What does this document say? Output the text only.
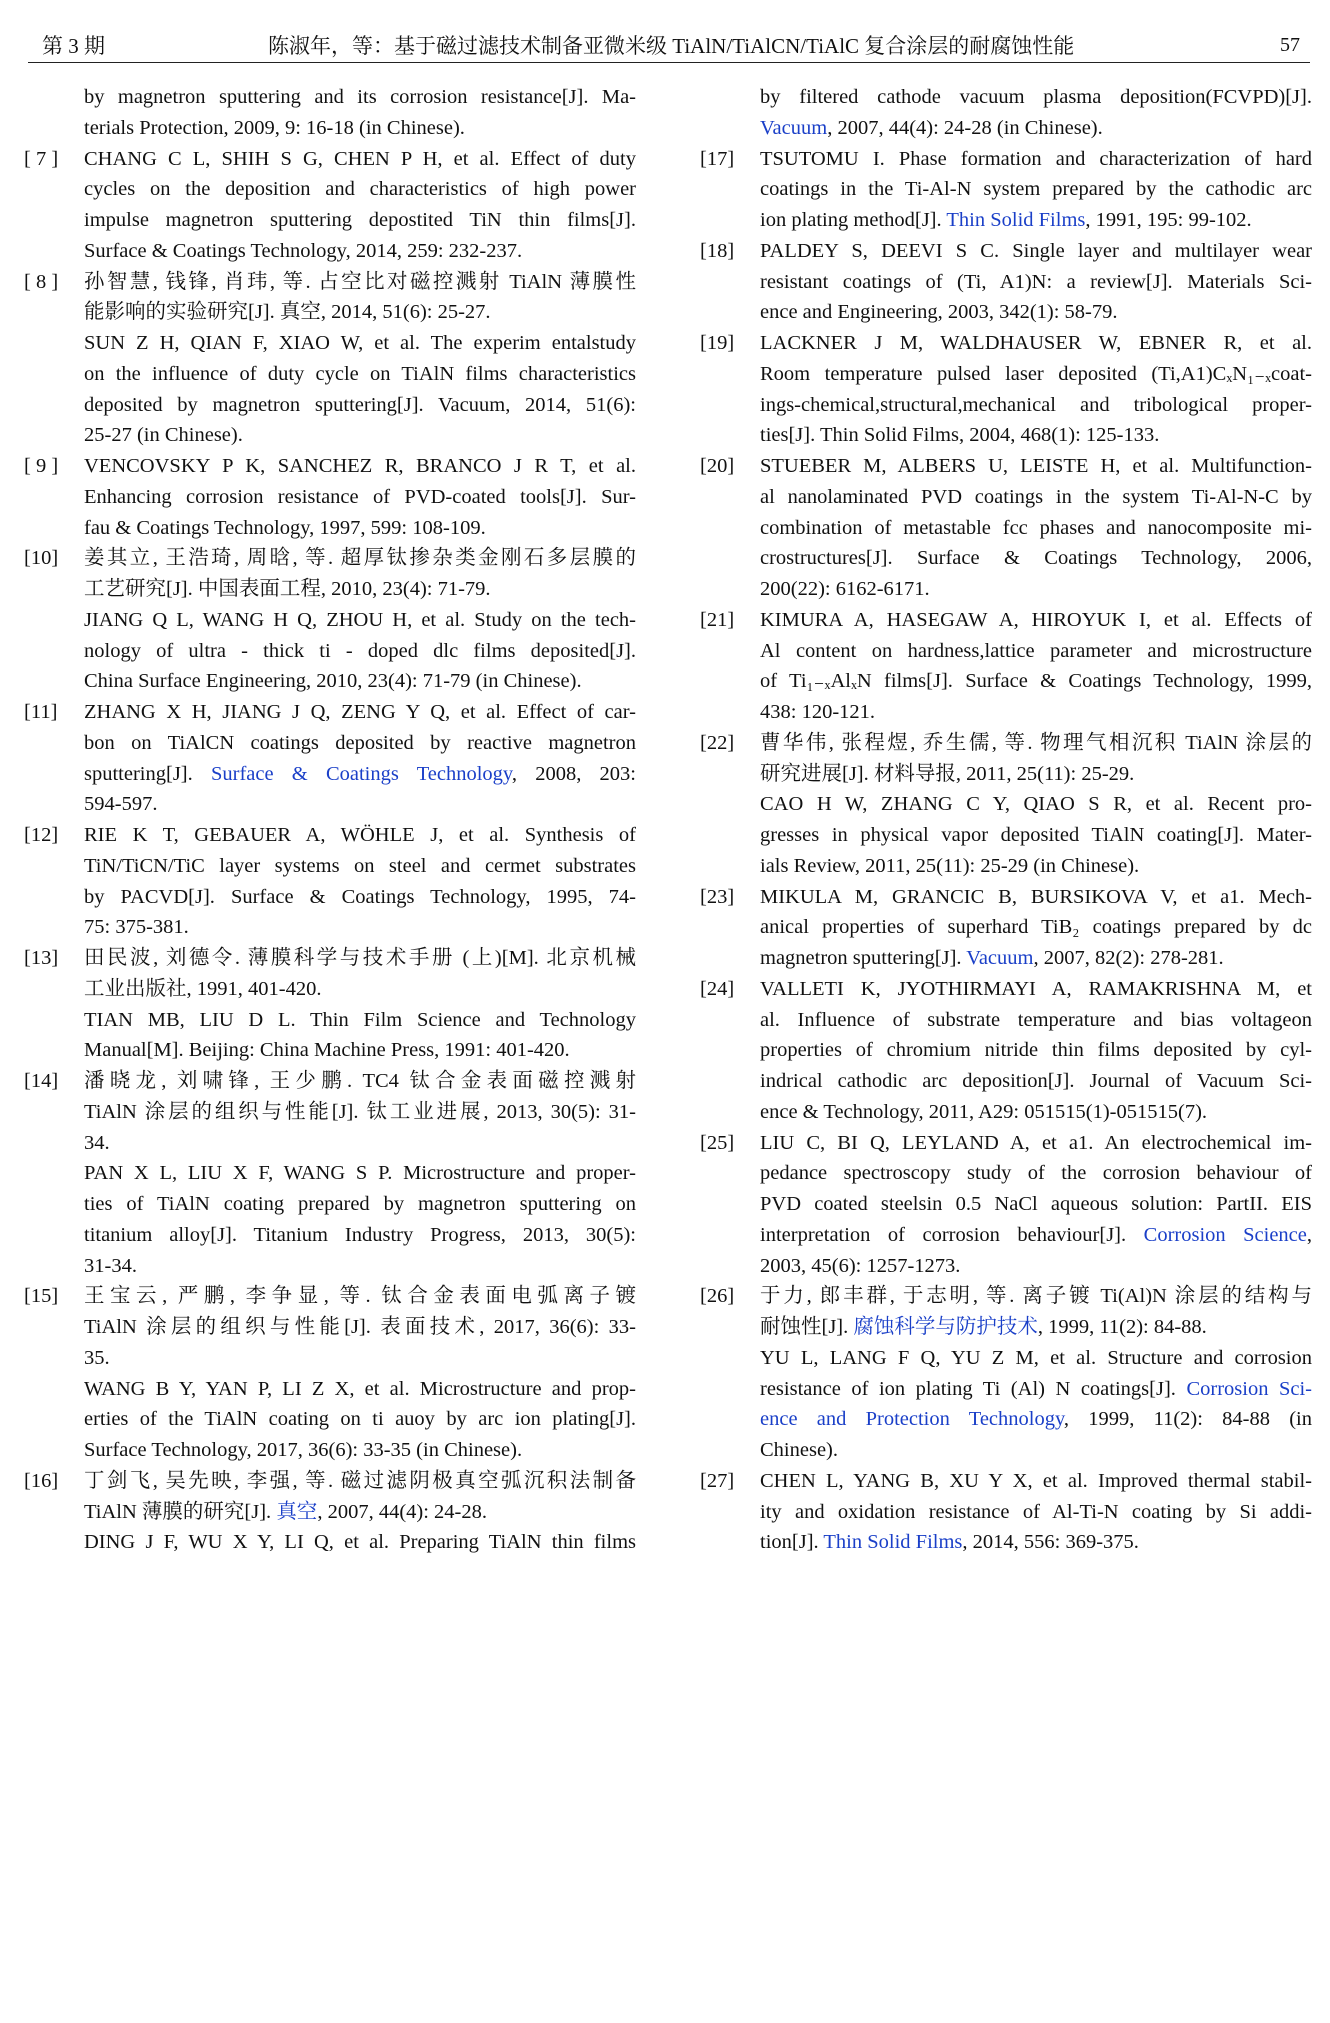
第 3 期	陈淑年，等：基于磁过滤技术制备亚微米级 TiAlN/TiAlCN/TiAlC 复合涂层的耐腐蚀性能	57
by magnetron sputtering and its corrosion resistance[J]. Ma-
terials Protection, 2009, 9: 16-18 (in Chinese).
[ 7 ] CHANG C L, SHIH S G, CHEN P H, et al. Effect of duty
cycles on the deposition and characteristics of high power
impulse magnetron sputtering depostited TiN thin films[J].
Surface & Coatings Technology, 2014, 259: 232-237.
[ 8 ] 孙智慧, 钱锋, 肖玮, 等. 占空比对磁控溅射 TiAlN 薄膜性
能影响的实验研究[J]. 真空, 2014, 51(6): 25-27.
SUN Z H, QIAN F, XIAO W, et al. The experim entalstudy
on the influence of duty cycle on TiAlN films characteristics
deposited by magnetron sputtering[J]. Vacuum, 2014, 51(6):
25-27 (in Chinese).
[ 9 ] VENCOVSKY P K, SANCHEZ R, BRANCO J R T, et al.
Enhancing corrosion resistance of PVD-coated tools[J]. Sur-
fau & Coatings Technology, 1997, 599: 108-109.
[10] 姜其立, 王浩琦, 周晗, 等. 超厚钛掺杂类金刚石多层膜的
工艺研究[J]. 中国表面工程, 2010, 23(4): 71-79.
JIANG Q L, WANG H Q, ZHOU H, et al. Study on the tech-
nology of ultra - thick ti - doped dlc films deposited[J].
China Surface Engineering, 2010, 23(4): 71-79 (in Chinese).
[11] ZHANG X H, JIANG J Q, ZENG Y Q, et al. Effect of car-
bon on TiAlCN coatings deposited by reactive magnetron
sputtering[J]. Surface & Coatings Technology, 2008, 203:
594-597.
[12] RIE K T, GEBAUER A, WÖHLE J, et al. Synthesis of
TiN/TiCN/TiC layer systems on steel and cermet substrates
by PACVD[J]. Surface & Coatings Technology, 1995, 74-
75: 375-381.
[13] 田民波, 刘德令. 薄膜科学与技术手册 (上)[M]. 北京机械
工业出版社, 1991, 401-420.
TIAN MB, LIU D L. Thin Film Science and Technology
Manual[M]. Beijing: China Machine Press, 1991: 401-420.
[14] 潘晓龙, 刘啸锋, 王少鹏. TC4 钛合金表面磁控溅射
TiAlN 涂层的组织与性能[J]. 钛工业进展, 2013, 30(5): 31-
34.
PAN X L, LIU X F, WANG S P. Microstructure and proper-
ties of TiAlN coating prepared by magnetron sputtering on
titanium alloy[J]. Titanium Industry Progress, 2013, 30(5):
31-34.
[15] 王宝云, 严鹏, 李争显, 等. 钛合金表面电弧离子镀
TiAlN 涂层的组织与性能[J]. 表面技术, 2017, 36(6): 33-
35.
WANG B Y, YAN P, LI Z X, et al. Microstructure and prop-
erties of the TiAlN coating on ti auoy by arc ion plating[J].
Surface Technology, 2017, 36(6): 33-35 (in Chinese).
[16] 丁剑飞, 吴先映, 李强, 等. 磁过滤阴极真空弧沉积法制备
TiAlN 薄膜的研究[J]. 真空, 2007, 44(4): 24-28.
DING J F, WU X Y, LI Q, et al. Preparing TiAlN thin films
by filtered cathode vacuum plasma deposition(FCVPD)[J].
Vacuum, 2007, 44(4): 24-28 (in Chinese).
[17] TSUTOMU I. Phase formation and characterization of hard
coatings in the Ti-Al-N system prepared by the cathodic arc
ion plating method[J]. Thin Solid Films, 1991, 195: 99-102.
[18] PALDEY S, DEEVI S C. Single layer and multilayer wear
resistant coatings of (Ti, A1)N: a review[J]. Materials Sci-
ence and Engineering, 2003, 342(1): 58-79.
[19] LACKNER J M, WALDHAUSER W, EBNER R, et al.
Room temperature pulsed laser deposited (Ti,A1)CₓN₁₋ₓcoat-
ings-chemical,structural,mechanical and tribological proper-
ties[J]. Thin Solid Films, 2004, 468(1): 125-133.
[20] STUEBER M, ALBERS U, LEISTE H, et al. Multifunction-
al nanolaminated PVD coatings in the system Ti-Al-N-C by
combination of metastable fcc phases and nanocomposite mi-
crostructures[J]. Surface & Coatings Technology, 2006,
200(22): 6162-6171.
[21] KIMURA A, HASEGAW A, HIROYUK I, et al. Effects of
Al content on hardness,lattice parameter and microstructure
of Ti₁₋ₓAlₓN films[J]. Surface & Coatings Technology, 1999,
438: 120-121.
[22] 曹华伟, 张程煜, 乔生儒, 等. 物理气相沉积 TiAlN 涂层的
研究进展[J]. 材料导报, 2011, 25(11): 25-29.
CAO H W, ZHANG C Y, QIAO S R, et al. Recent pro-
gresses in physical vapor deposited TiAlN coating[J]. Mater-
ials Review, 2011, 25(11): 25-29 (in Chinese).
[23] MIKULA M, GRANCIC B, BURSIKOVA V, et a1. Mech-
anical properties of superhard TiB₂ coatings prepared by dc
magnetron sputtering[J]. Vacuum, 2007, 82(2): 278-281.
[24] VALLETI K, JYOTHIRMAYI A, RAMAKRISHNA M, et
al. Influence of substrate temperature and bias voltageon
properties of chromium nitride thin films deposited by cyl-
indrical cathodic arc deposition[J]. Journal of Vacuum Sci-
ence & Technology, 2011, A29: 051515(1)-051515(7).
[25] LIU C, BI Q, LEYLAND A, et a1. An electrochemical im-
pedance spectroscopy study of the corrosion behaviour of
PVD coated steelsin 0.5 NaCl aqueous solution: PartII. EIS
interpretation of corrosion behaviour[J]. Corrosion Science,
2003, 45(6): 1257-1273.
[26] 于力, 郎丰群, 于志明, 等. 离子镀 Ti(Al)N 涂层的结构与
耐蚀性[J]. 腐蚀科学与防护技术, 1999, 11(2): 84-88.
YU L, LANG F Q, YU Z M, et al. Structure and corrosion
resistance of ion plating Ti (Al) N coatings[J]. Corrosion Sci-
ence and Protection Technology, 1999, 11(2): 84-88 (in
Chinese).
[27] CHEN L, YANG B, XU Y X, et al. Improved thermal stabil-
ity and oxidation resistance of Al-Ti-N coating by Si addi-
tion[J]. Thin Solid Films, 2014, 556: 369-375.
